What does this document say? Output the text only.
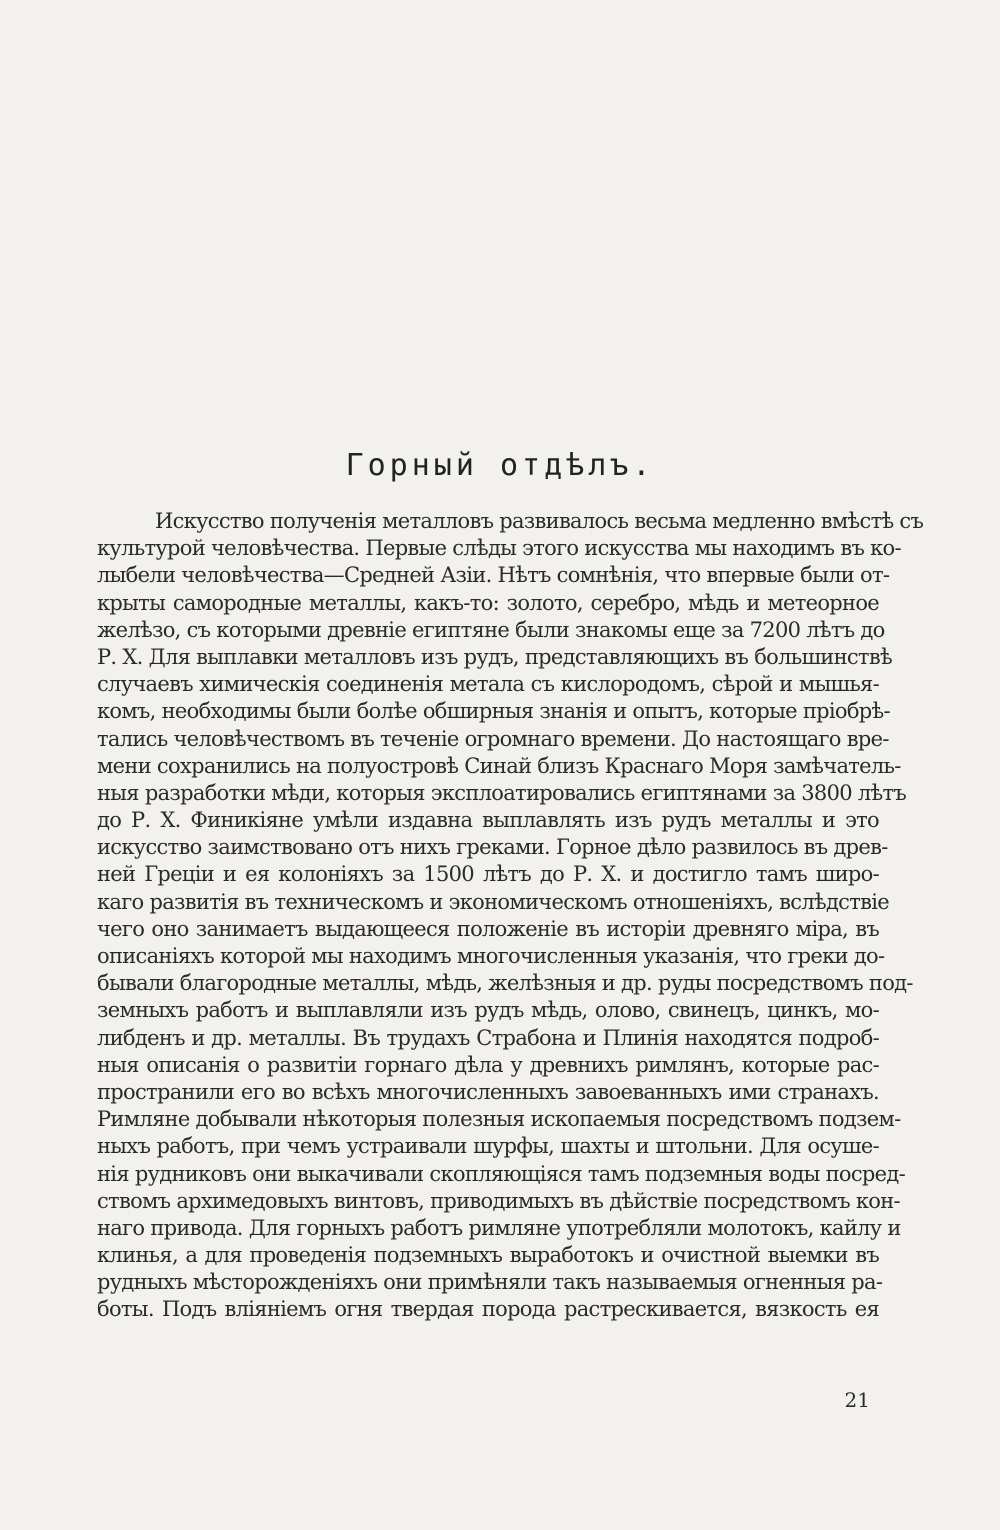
Горный отдѣлъ.
Искусство полученія металловъ развивалось весьма медленно вмѣстѣ съ
культурой человѣчества. Первые слѣды этого искусства мы находимъ въ ко-
лыбели человѣчества—Средней Азіи. Нѣтъ сомнѣнія, что впервые были от-
крыты самородные металлы, какъ-то: золото, серебро, мѣдь и метеорное
желѣзо, съ которыми древніе египтяне были знакомы еще за 7200 лѣтъ до
Р. Х. Для выплавки металловъ изъ рудъ, представляющихъ въ большинствѣ
случаевъ химическія соединенія метала съ кислородомъ, сѣрой и мышья-
комъ, необходимы были болѣе обширныя знанія и опытъ, которые пріобрѣ-
тались человѣчествомъ въ теченіе огромнаго времени. До настоящаго вре-
мени сохранились на полуостровѣ Синай близъ Краснаго Моря замѣчатель-
ныя разработки мѣди, которыя эксплоатировались египтянами за 3800 лѣтъ
до Р. Х. Финикіяне умѣли издавна выплавлять изъ рудъ металлы и это
искусство заимствовано отъ нихъ греками. Горное дѣло развилось въ древ-
ней Греціи и ея колоніяхъ за 1500 лѣтъ до Р. Х. и достигло тамъ широ-
каго развитія въ техническомъ и экономическомъ отношеніяхъ, вслѣдствіе
чего оно занимаетъ выдающееся положеніе въ исторіи древняго міра, въ
описаніяхъ которой мы находимъ многочисленныя указанія, что греки до-
бывали благородные металлы, мѣдь, желѣзныя и др. руды посредствомъ под-
земныхъ работъ и выплавляли изъ рудъ мѣдь, олово, свинецъ, цинкъ, мо-
либденъ и др. металлы. Въ трудахъ Страбона и Плинія находятся подроб-
ныя описанія о развитіи горнаго дѣла у древнихъ римлянъ, которые рас-
пространили его во всѣхъ многочисленныхъ завоеванныхъ ими странахъ.
Римляне добывали нѣкоторыя полезныя ископаемыя посредствомъ подзем-
ныхъ работъ, при чемъ устраивали шурфы, шахты и штольни. Для осуше-
нія рудниковъ они выкачивали скопляющіяся тамъ подземныя воды посред-
ствомъ архимедовыхъ винтовъ, приводимыхъ въ дѣйствіе посредствомъ кон-
наго привода. Для горныхъ работъ римляне употребляли молотокъ, кайлу и
клинья, а для проведенія подземныхъ выработокъ и очистной выемки въ
рудныхъ мѣсторожденіяхъ они примѣняли такъ называемыя огненныя ра-
боты. Подъ вліяніемъ огня твердая порода растрескивается, вязкость ея
21
